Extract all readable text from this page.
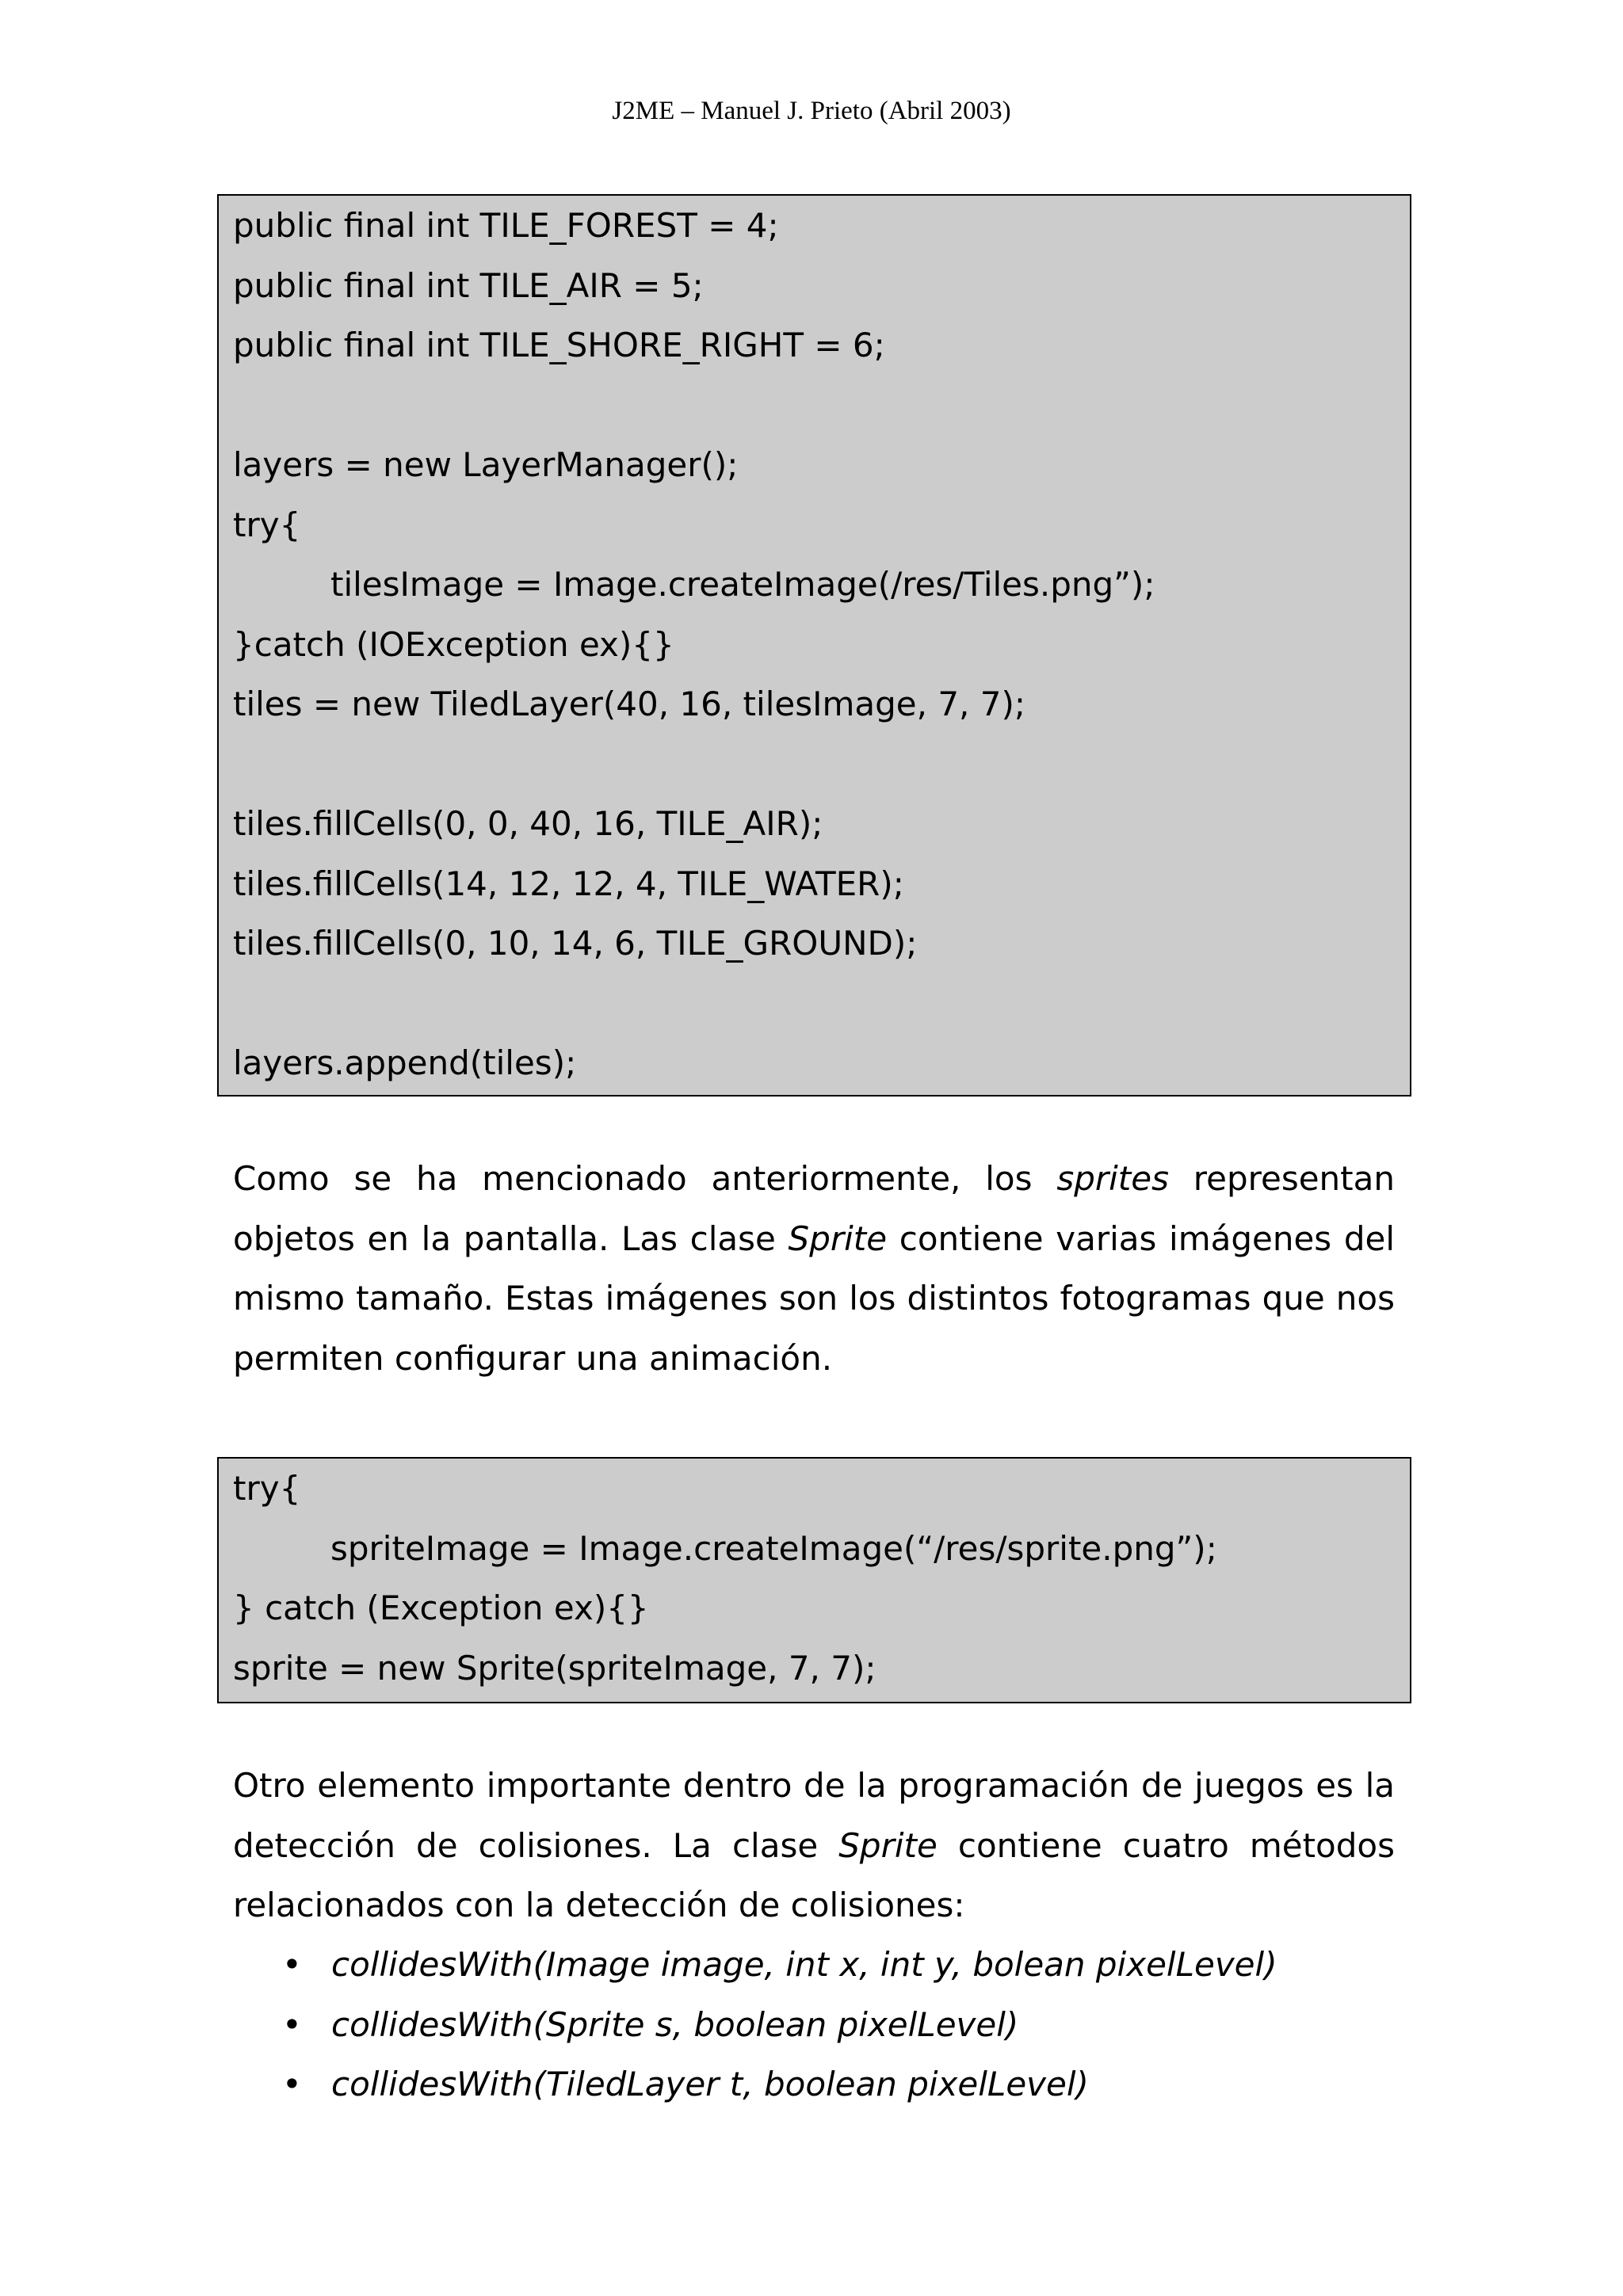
J2ME – Manuel J. Prieto (Abril 2003)
public final int TILE_FOREST = 4;
public final int TILE_AIR = 5;
public final int TILE_SHORE_RIGHT = 6;
layers = new LayerManager();
try{
tilesImage = Image.createImage(/res/Tiles.png”);
}catch (IOException ex){}
tiles = new TiledLayer(40, 16, tilesImage, 7, 7);
tiles.fillCells(0, 0, 40, 16, TILE_AIR);
tiles.fillCells(14, 12, 12, 4, TILE_WATER);
tiles.fillCells(0, 10, 14, 6, TILE_GROUND);
layers.append(tiles);
Como se ha mencionado anteriormente, los sprites representan
objetos en la pantalla. Las clase Sprite contiene varias imágenes del
mismo tamaño. Estas imágenes son los distintos fotogramas que nos
permiten configurar una animación.
try{
spriteImage = Image.createImage(“/res/sprite.png”);
} catch (Exception ex){}
sprite = new Sprite(spriteImage, 7, 7);
Otro elemento importante dentro de la programación de juegos es la
detección de colisiones. La clase Sprite contiene cuatro métodos
relacionados con la detección de colisiones:
• collidesWith(Image image, int x, int y, bolean pixelLevel)
• collidesWith(Sprite s, boolean pixelLevel)
• collidesWith(TiledLayer t, boolean pixelLevel)
